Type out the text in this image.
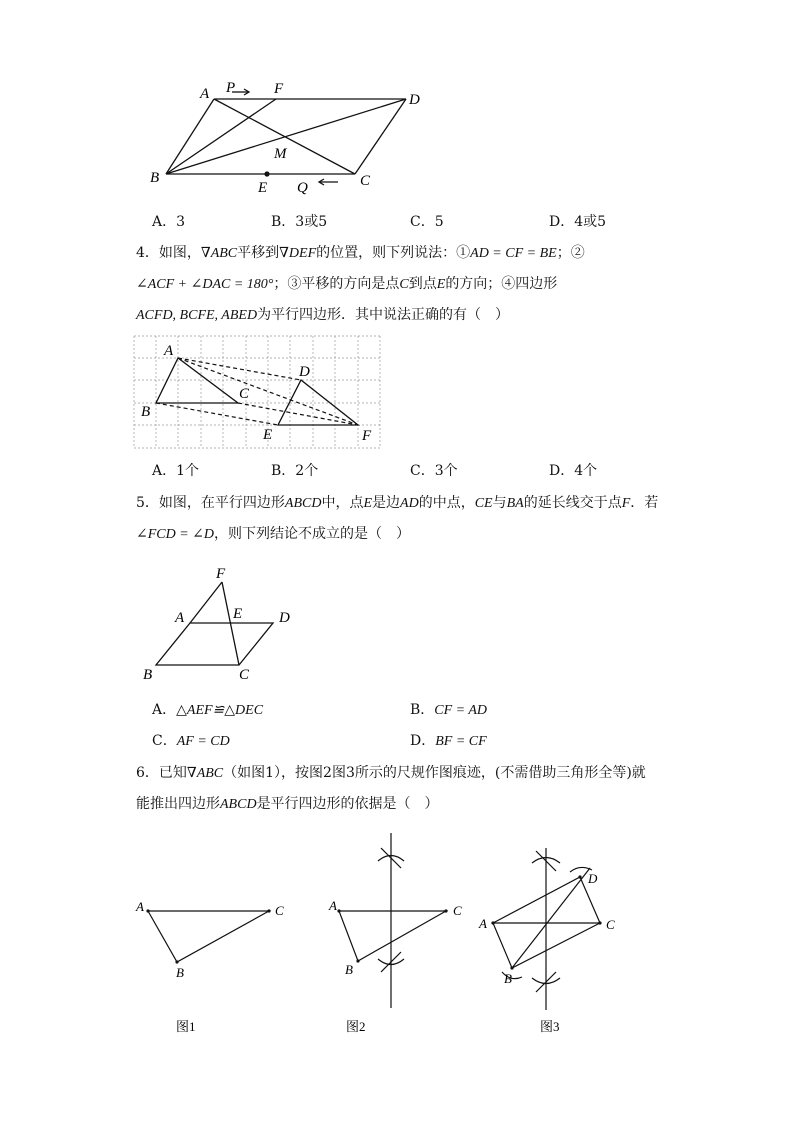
A P	F
D
M
B
E Q	C
A．3	B．3或5	C．5	D．4或5
4．如图，∇ABC平移到∇DEF的位置，则下列说法：①AD = CF = BE；②
∠ACF + ∠DAC = 180°；③平移的方向是点C到点E的方向；④四边形
ACFD, BCFE, ABED为平行四边形．其中说法正确的有（　）
A
B
C
D
E	F
A．1个	B．2个	C．3个	D．4个
5．如图，在平行四边形ABCD中，点E是边AD的中点，CE与BA的延长线交于点F．若
∠FCD = ∠D，则下列结论不成立的是（　）
F
A	E D
B	C
A．△AEF≌△DEC	B．CF = AD
C．AF = CD	D．BF = CF
6．已知∇ABC（如图1），按图2图3所示的尺规作图痕迹，(不需借助三角形全等)就
能推出四边形ABCD是平行四边形的依据是（　）
A	C
B
图1
A	C
B
图2
A
D
C
B
图3
